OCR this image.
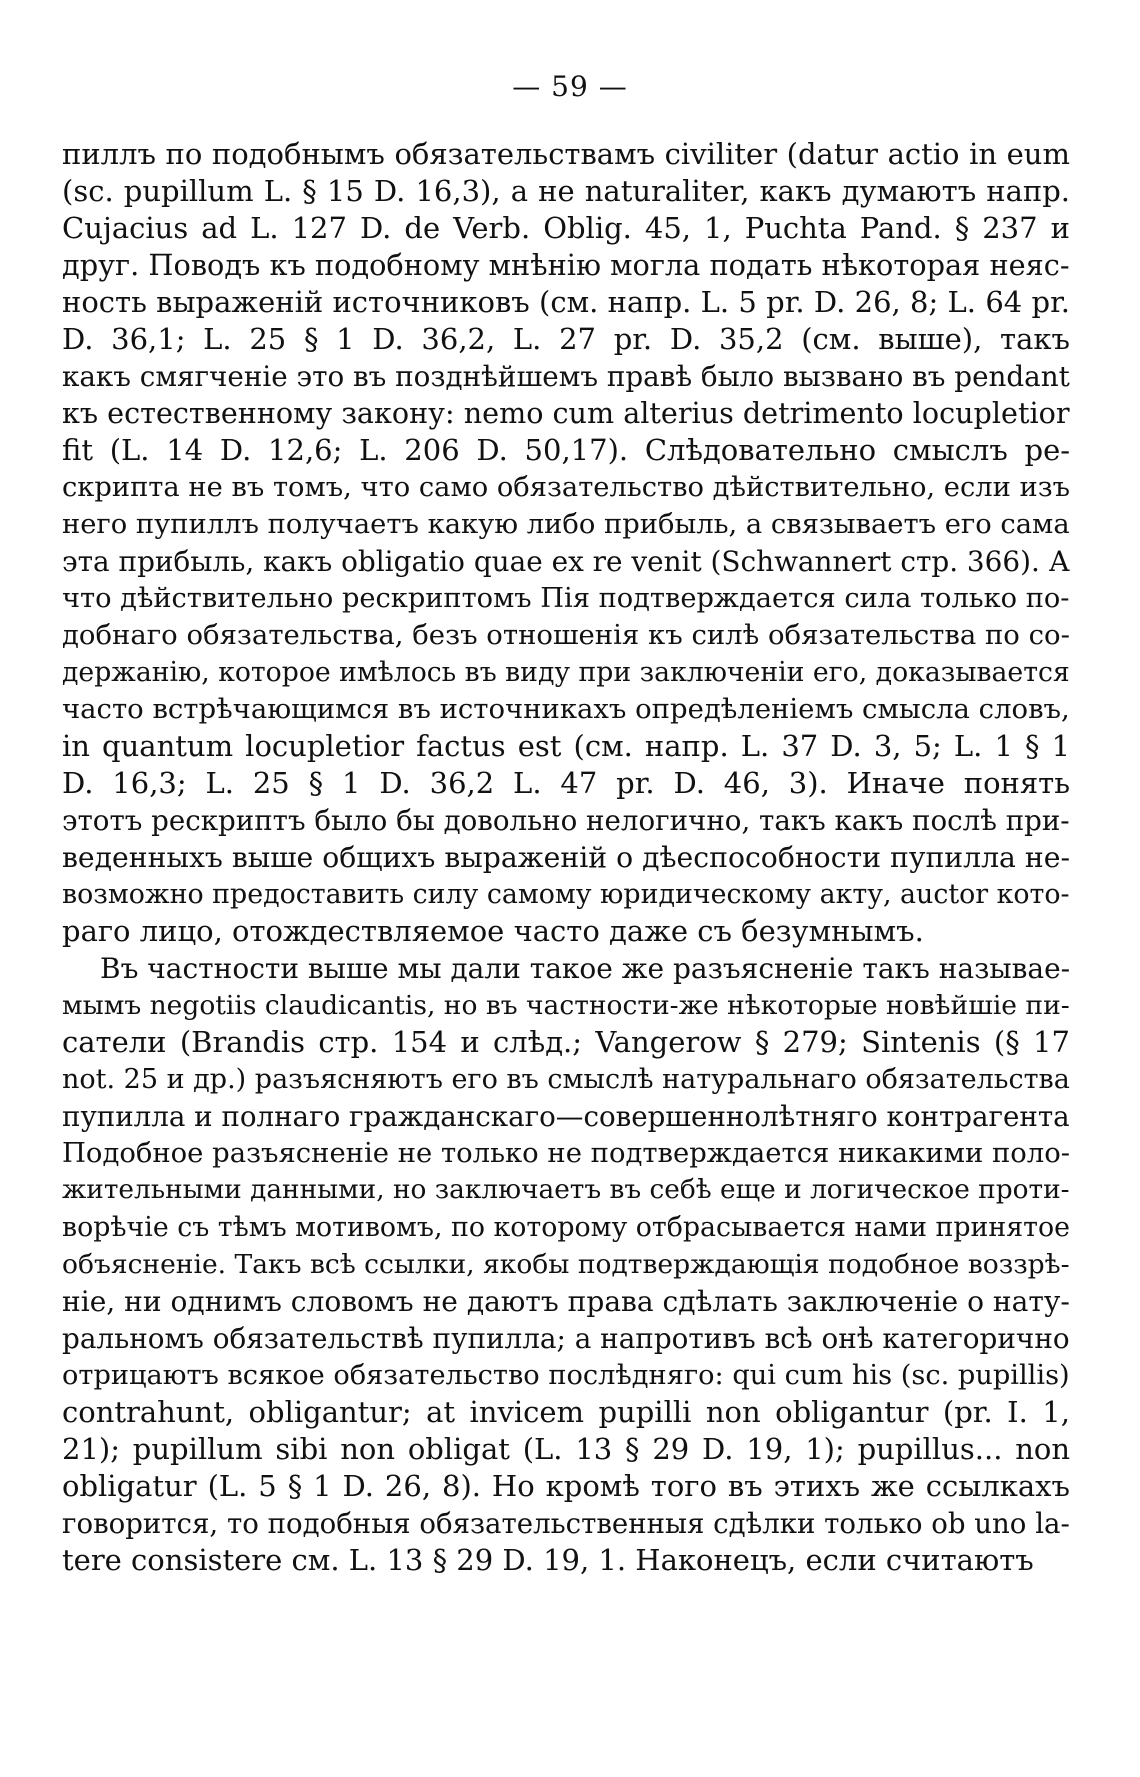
— 59 —
пиллъ по подобнымъ обязательствамъ civiliter (datur actio in eum
(sc. pupillum L. § 15 D. 16,3), а не naturaliter, какъ думаютъ напр.
Cujacius ad L. 127 D. de Verb. Oblig. 45, 1, Puchta Pand. § 237 и
друг. Поводъ къ подобному мнѣнію могла подать нѣкоторая неяс-
ность выраженій источниковъ (см. напр. L. 5 pr. D. 26, 8; L. 64 pr.
D. 36,1; L. 25 § 1 D. 36,2, L. 27 pr. D. 35,2 (см. выше), такъ
какъ смягченіе это въ позднѣйшемъ правѣ было вызвано въ pendant
къ естественному закону: nemo cum alterius detrimento locupletior
fit (L. 14 D. 12,6; L. 206 D. 50,17). Слѣдовательно смыслъ ре-
скрипта не въ томъ, что само обязательство дѣйствительно, если изъ
него пупиллъ получаетъ какую либо прибыль, а связываетъ его сама
эта прибыль, какъ obligatio quae ex re venit (Schwannert стр. 366). А
что дѣйствительно рескриптомъ Пія подтверждается сила только по-
добнаго обязательства, безъ отношенія къ силѣ обязательства по со-
держанію, которое имѣлось въ виду при заключеніи его, доказывается
часто встрѣчающимся въ источникахъ опредѣленіемъ смысла словъ,
in quantum locupletior factus est (см. напр. L. 37 D. 3, 5; L. 1 § 1
D. 16,3; L. 25 § 1 D. 36,2 L. 47 pr. D. 46, 3). Иначе понять
этотъ рескриптъ было бы довольно нелогично, такъ какъ послѣ при-
веденныхъ выше общихъ выраженій о дѣеспособности пупилла не-
возможно предоставить силу самому юридическому акту, auctor кото-
раго лицо, отождествляемое часто даже съ безумнымъ.
Въ частности выше мы дали такое же разъясненіе такъ называе-
мымъ negotiis claudicantis, но въ частности-же нѣкоторые новѣйшіе пи-
сатели (Brandis стр. 154 и слѣд.; Vangerow § 279; Sintenis (§ 17
not. 25 и др.) разъясняютъ его въ смыслѣ натуральнаго обязательства
пупилла и полнаго гражданскаго—совершеннолѣтняго контрагента
Подобное разъясненіе не только не подтверждается никакими поло-
жительными данными, но заключаетъ въ себѣ еще и логическое проти-
ворѣчіе съ тѣмъ мотивомъ, по которому отбрасывается нами принятое
объясненіе. Такъ всѣ ссылки, якобы подтверждающія подобное воззрѣ-
ніе, ни однимъ словомъ не даютъ права сдѣлать заключеніе о нату-
ральномъ обязательствѣ пупилла; а напротивъ всѣ онѣ категорично
отрицаютъ всякое обязательство послѣдняго: qui cum his (sc. pupillis)
contrahunt, obligantur; at invicem pupilli non obligantur (pr. I. 1,
21); pupillum sibi non obligat (L. 13 § 29 D. 19, 1); pupillus... non
obligatur (L. 5 § 1 D. 26, 8). Но кромѣ того въ этихъ же ссылкахъ
говорится, то подобныя обязательственныя сдѣлки только ob uno la-
tere consistere см. L. 13 § 29 D. 19, 1. Наконецъ, если считаютъ
